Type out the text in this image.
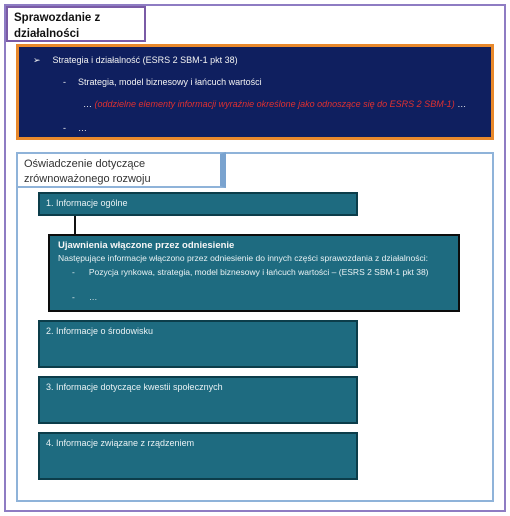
Sprawozdanie z działalności
➢ Strategia i działalność (ESRS 2 SBM-1 pkt 38)
- Strategia, model biznesowy i łańcuch wartości
… (oddzielne elementy informacji wyraźnie określone jako odnoszące się do ESRS 2 SBM-1) …
- …
Oświadczenie dotyczące zrównoważonego rozwoju
1. Informacje ogólne
Ujawnienia włączone przez odniesienie
Następujące informacje włączono przez odniesienie do innych części sprawozdania z działalności:
- Pozycja rynkowa, strategia, model biznesowy i łańcuch wartości – (ESRS 2 SBM-1 pkt 38)
- …
2. Informacje o środowisku
3. Informacje dotyczące kwestii społecznych
4. Informacje związane z rządzeniem
